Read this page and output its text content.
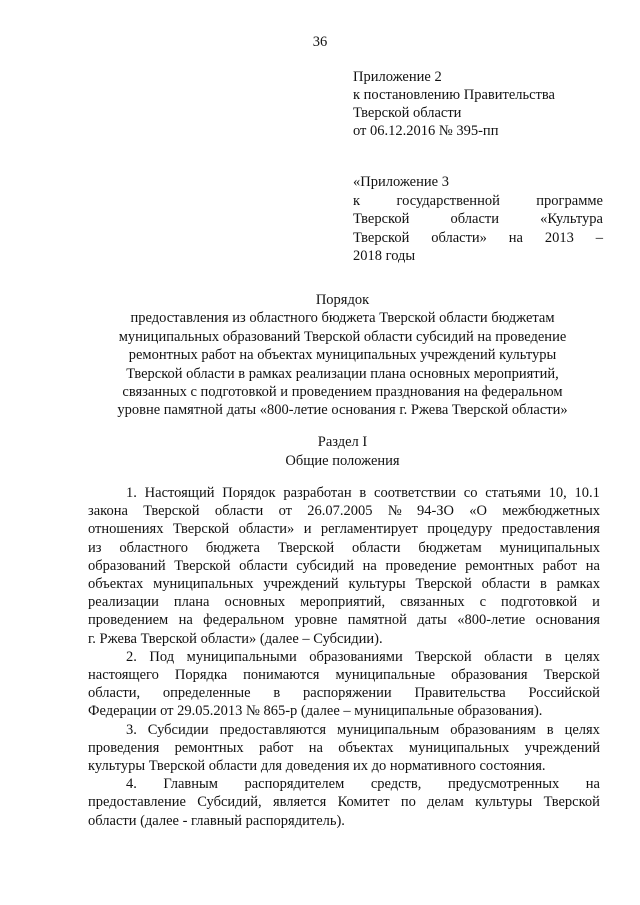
36
Приложение 2
к постановлению Правительства
Тверской области
от 06.12.2016 № 395-пп
«Приложение 3
к	государственной	программе
Тверской	области	«Культура
Тверской области» на 2013 –
2018 годы
Порядок
предоставления из областного бюджета Тверской области бюджетам
муниципальных образований Тверской области субсидий на проведение
ремонтных работ на объектах муниципальных учреждений культуры
Тверской области в рамках реализации плана основных мероприятий,
связанных с подготовкой и проведением празднования на федеральном
уровне памятной даты «800-летие основания г. Ржева Тверской области»
Раздел I
Общие положения
1. Настоящий Порядок разработан в соответствии со статьями 10, 10.1
закона Тверской области от 26.07.2005 № 94-ЗО «О межбюджетных
отношениях Тверской области» и регламентирует процедуру предоставления
из областного бюджета Тверской области бюджетам муниципальных
образований Тверской области субсидий на проведение ремонтных работ на
объектах муниципальных учреждений культуры Тверской области в рамках
реализации плана основных мероприятий, связанных с подготовкой и
проведением на федеральном уровне памятной даты «800-летие основания
г. Ржева Тверской области» (далее – Субсидии).
2. Под муниципальными образованиями Тверской области в целях
настоящего Порядка понимаются муниципальные образования Тверской
области, определенные в распоряжении Правительства Российской
Федерации от 29.05.2013 № 865-р (далее – муниципальные образования).
3. Субсидии предоставляются муниципальным образованиям в целях
проведения ремонтных работ на объектах муниципальных учреждений
культуры Тверской области для доведения их до нормативного состояния.
4. Главным распорядителем средств, предусмотренных на
предоставление Субсидий, является Комитет по делам культуры Тверской
области (далее - главный распорядитель).
